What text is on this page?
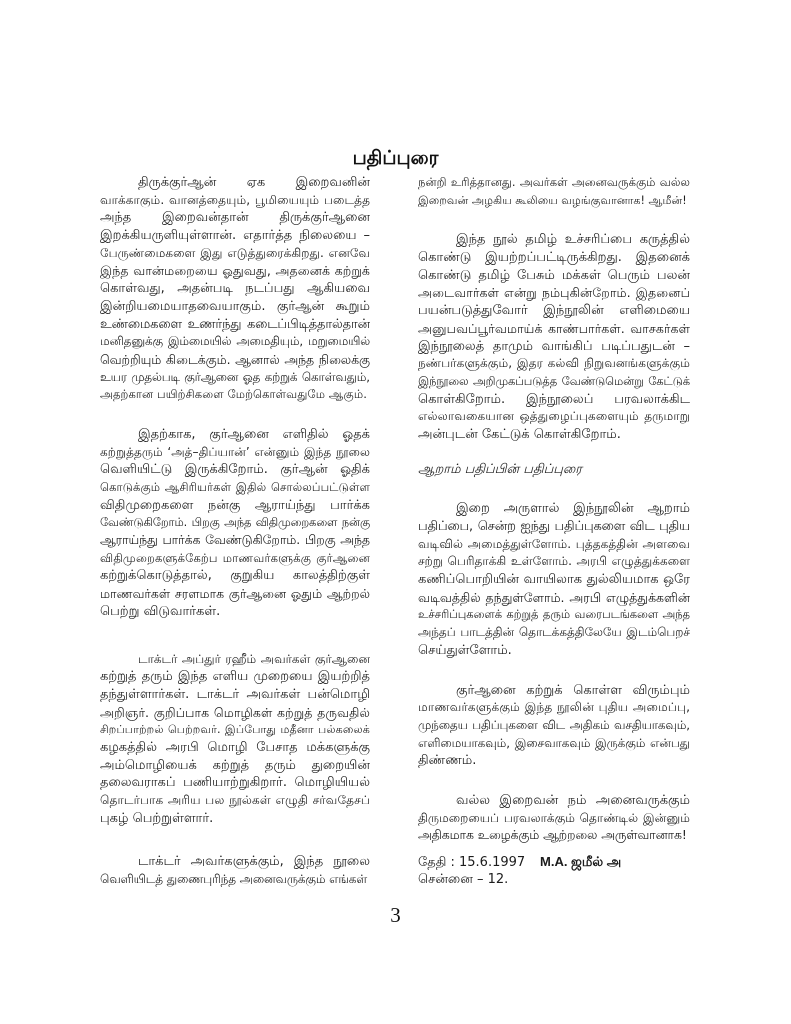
பதிப்புரை
திருக்குர்ஆன் ஏக இறைவனின்
வாக்காகும். வானத்தையும், பூமியையும் படைத்த
அந்த இறைவன்தான் திருக்குர்ஆனை
இறக்கியருளியுள்ளான். எதார்த்த நிலையை –
பேருண்மைகளை இது எடுத்துரைக்கிறது. எனவே
இந்த வான்மறையை ஓதுவது, அதனைக் கற்றுக்
கொள்வது, அதன்படி நடப்பது ஆகியவை
இன்றியமையாதவையாகும். குர்ஆன் கூறும்
உண்மைகளை உணர்ந்து கடைப்பிடித்தால்தான்
மனிதனுக்கு இம்மையில் அமைதியும், மறுமையில்
வெற்றியும் கிடைக்கும். ஆனால் அந்த நிலைக்கு
உயர முதல்படி குர்ஆனை ஓத கற்றுக் கொள்வதும்,
அதற்கான பயிற்சிகளை மேற்கொள்வதுமே ஆகும்.
இதற்காக, குர்ஆனை எளிதில் ஓதக்
கற்றுத்தரும் ‘அத்–திப்யான்’ என்னும் இந்த நூலை
வெளியிட்டு இருக்கிறோம். குர்ஆன் ஓதிக்
கொடுக்கும் ஆசிரியர்கள் இதில் சொல்லப்பட்டுள்ள
விதிமுறைகளை நன்கு ஆராய்ந்து பார்க்க
வேண்டுகிறோம். பிறகு அந்த விதிமுறைகளை நன்கு
ஆராய்ந்து பார்க்க வேண்டுகிறோம். பிறகு அந்த
விதிமுறைகளுக்கேற்ப மாணவர்களுக்கு குர்ஆனை
கற்றுக்கொடுத்தால், குறுகிய காலத்திற்குள்
மாணவர்கள் சரளமாக குர்ஆனை ஓதும் ஆற்றல்
பெற்று விடுவார்கள்.
டாக்டர் அப்துர் ரஹீம் அவர்கள் குர்ஆனை
கற்றுத் தரும் இந்த எளிய முறையை இயற்றித்
தந்துள்ளார்கள். டாக்டர் அவர்கள் பன்மொழி
அறிஞர். குறிப்பாக மொழிகள் கற்றுத் தருவதில்
சிறப்பாற்றல் பெற்றவர். இப்போது மதீனா பல்கலைக்
கழகத்தில் அரபி மொழி பேசாத மக்களுக்கு
அம்மொழியைக் கற்றுத் தரும் துறையின்
தலைவராகப் பணியாற்றுகிறார். மொழியியல்
தொடர்பாக அரிய பல நூல்கள் எழுதி சர்வதேசப்
புகழ் பெற்றுள்ளார்.
டாக்டர் அவர்களுக்கும், இந்த நூலை
வெளியிடத் துணைபுரிந்த அனைவருக்கும் எங்கள்
நன்றி உரித்தானது. அவர்கள் அனைவருக்கும் வல்ல
இறைவன் அழகிய கூலியை வழங்குவானாக! ஆமீன்!
இந்த நூல் தமிழ் உச்சரிப்பை கருத்தில்
கொண்டு இயற்றப்பட்டிருக்கிறது. இதனைக்
கொண்டு தமிழ் பேசும் மக்கள் பெரும் பலன்
அடைவார்கள் என்று நம்புகின்றோம். இதனைப்
பயன்படுத்துவோர் இந்நூலின் எளிமையை
அனுபவப்பூர்வமாய்க் காண்பார்கள். வாசகர்கள்
இந்நூலைத் தாமும் வாங்கிப் படிப்பதுடன் –
நண்பர்களுக்கும், இதர கல்வி நிறுவனங்களுக்கும்
இந்நூலை அறிமுகப்படுத்த வேண்டுமென்று கேட்டுக்
கொள்கிறோம். இந்நூலைப் பரவலாக்கிட
எல்லாவகையான ஒத்துழைப்புகளையும் தருமாறு
அன்புடன் கேட்டுக் கொள்கிறோம்.
ஆறாம் பதிப்பின் பதிப்புரை
இறை அருளால் இந்நூலின் ஆறாம்
பதிப்பை, சென்ற ஐந்து பதிப்புகளை விட புதிய
வடிவில் அமைத்துள்ளோம். புத்தகத்தின் அளவை
சற்று பெரிதாக்கி உள்ளோம். அரபி எழுத்துக்களை
கணிப்பொறியின் வாயிலாக துல்லியமாக ஒரே
வடிவத்தில் தந்துள்ளோம். அரபி எழுத்துக்களின்
உச்சரிப்புகளைக் கற்றுத் தரும் வரைபடங்களை அந்த
அந்தப் பாடத்தின் தொடக்கத்திலேயே இடம்பெறச்
செய்துள்ளோம்.
குர்ஆனை கற்றுக் கொள்ள விரும்பும்
மாணவர்களுக்கும் இந்த நூலின் புதிய அமைப்பு,
முந்தைய பதிப்புகளை விட அதிகம் வசதியாகவும்,
எளிமையாகவும், இசைவாகவும் இருக்கும் என்பது
திண்ணம்.
வல்ல இறைவன் நம் அனைவருக்கும்
திருமறையைப் பரவலாக்கும் தொண்டில் இன்னும்
அதிகமாக உழைக்கும் ஆற்றலை அருள்வானாக!
தேதி : 15.6.1997 M.A. ஜமீல் அ
சென்னை – 12.
3
